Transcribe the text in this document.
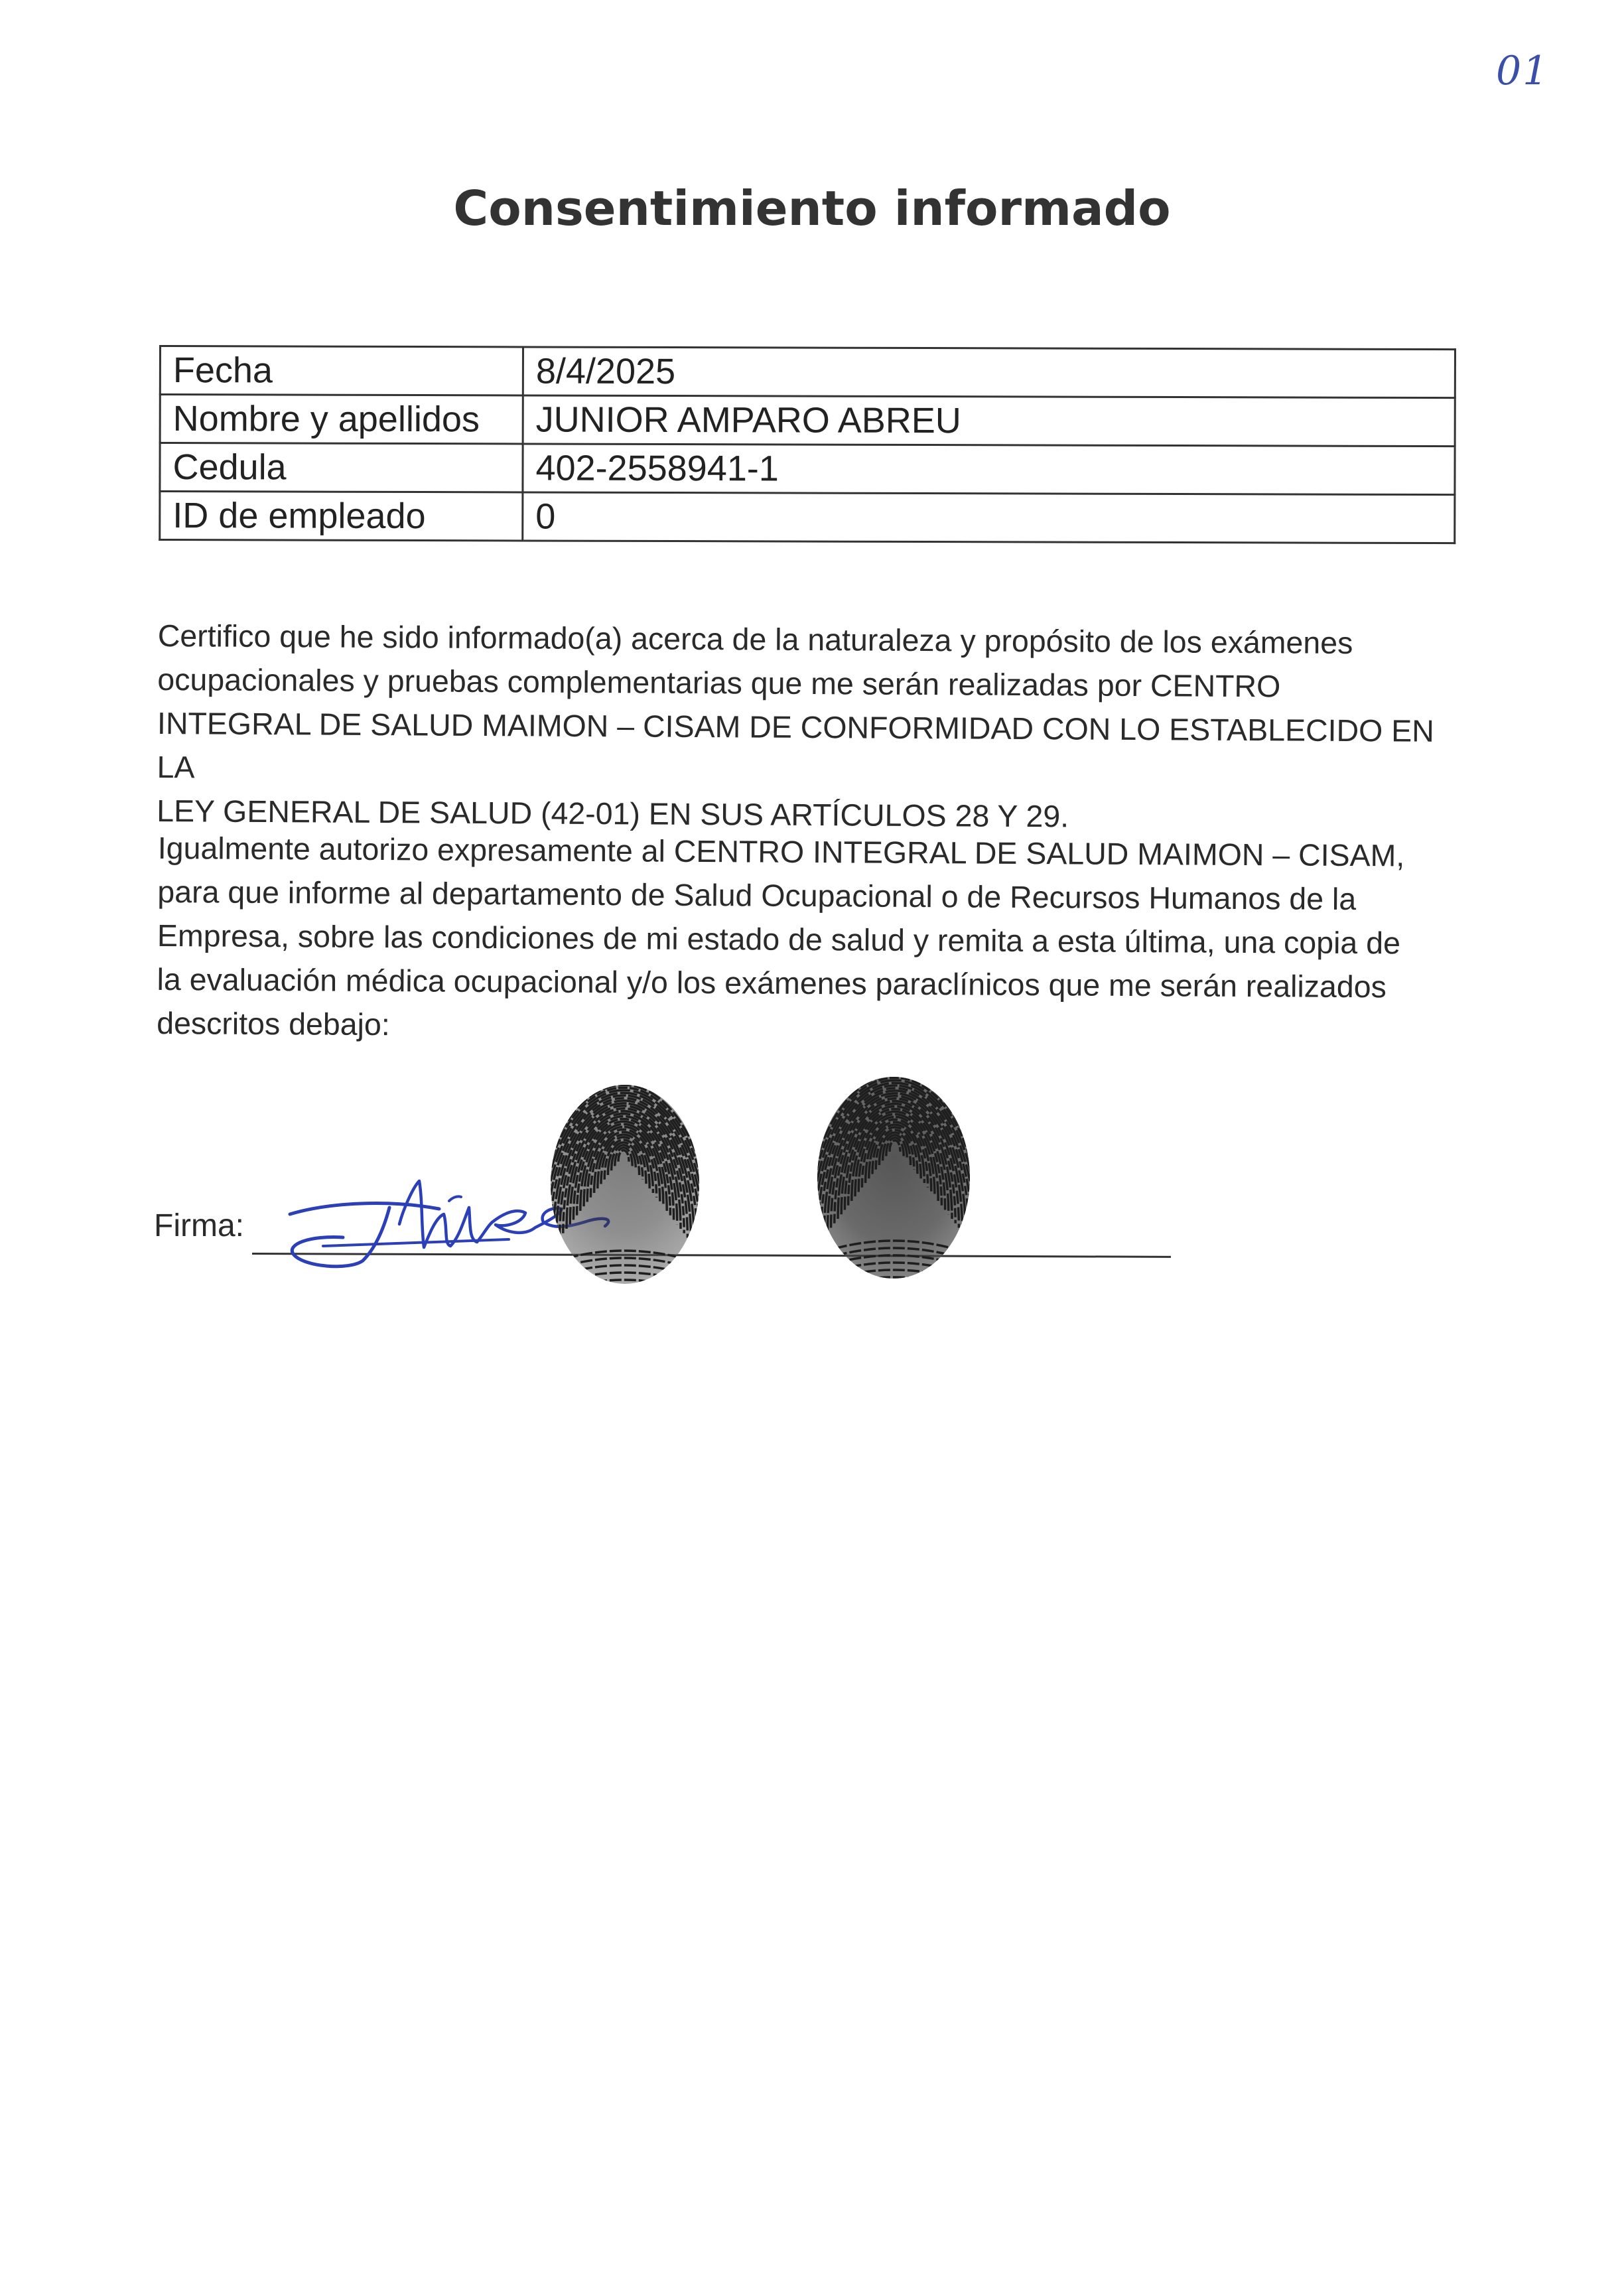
01
Consentimiento informado
Fecha	8/4/2025
Nombre y apellidos	JUNIOR AMPARO ABREU
Cedula	402-2558941-1
ID de empleado	0

Certifico que he sido informado(a) acerca de la naturaleza y propósito de los exámenes
ocupacionales y pruebas complementarias que me serán realizadas por CENTRO
INTEGRAL DE SALUD MAIMON – CISAM DE CONFORMIDAD CON LO ESTABLECIDO EN LA
LEY GENERAL DE SALUD (42-01) EN SUS ARTÍCULOS 28 Y 29.

Igualmente autorizo expresamente al CENTRO INTEGRAL DE SALUD MAIMON – CISAM,
para que informe al departamento de Salud Ocupacional o de Recursos Humanos de la
Empresa, sobre las condiciones de mi estado de salud y remita a esta última, una copia de
la evaluación médica ocupacional y/o los exámenes paraclínicos que me serán realizados
descritos debajo:

Firma:
